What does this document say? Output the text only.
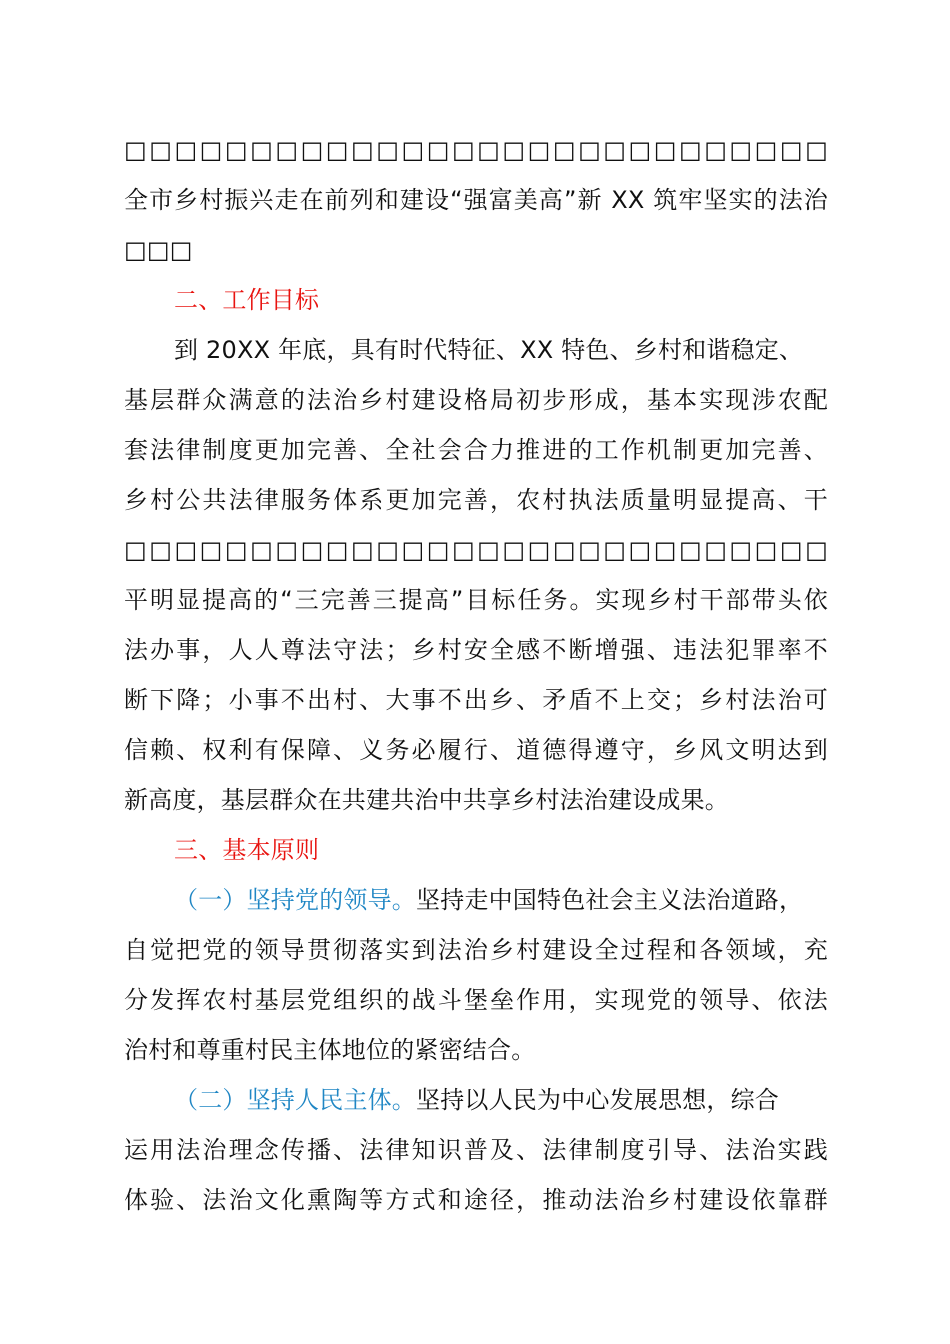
□□□□□□□□□□□□□□□□□□□□□□□□□□□□
全市乡村振兴走在前列和建设“强富美高”新 XX 筑牢坚实的法治
□□□
二、工作目标
到 20XX 年底，具有时代特征、XX 特色、乡村和谐稳定、
基层群众满意的法治乡村建设格局初步形成，基本实现涉农配
套法律制度更加完善、全社会合力推进的工作机制更加完善、
乡村公共法律服务体系更加完善，农村执法质量明显提高、干
□□□□□□□□□□□□□□□□□□□□□□□□□□□□
平明显提高的“三完善三提高”目标任务。实现乡村干部带头依
法办事，人人尊法守法；乡村安全感不断增强、违法犯罪率不
断下降；小事不出村、大事不出乡、矛盾不上交；乡村法治可
信赖、权利有保障、义务必履行、道德得遵守，乡风文明达到
新高度，基层群众在共建共治中共享乡村法治建设成果。
三、基本原则
（一）坚持党的领导。坚持走中国特色社会主义法治道路，
自觉把党的领导贯彻落实到法治乡村建设全过程和各领域，充
分发挥农村基层党组织的战斗堡垒作用，实现党的领导、依法
治村和尊重村民主体地位的紧密结合。
（二）坚持人民主体。坚持以人民为中心发展思想，综合
运用法治理念传播、法律知识普及、法律制度引导、法治实践
体验、法治文化熏陶等方式和途径，推动法治乡村建设依靠群
